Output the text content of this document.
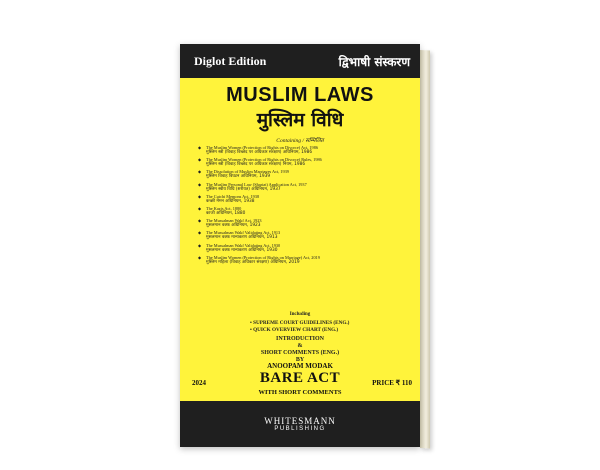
Diglot Edition	द्विभाषी संस्करण
MUSLIM LAWS
मुस्लिम विधि
Containing / सम्मिलित
◆ The Muslim Women (Protection of Rights on Divorce) Act, 1986
मुस्लिम स्त्री (विवाह विच्छेद पर अधिकार संरक्षण) अधिनियम, 1986
◆ The Muslim Women (Protection of Rights on Divorce) Rules, 1986
मुस्लिम स्त्री (विवाह विच्छेद पर अधिकार संरक्षण) नियम, 1986
◆ The Dissolution of Muslim Marriages Act, 1939
मुस्लिम विवाह विघटन अधिनियम, 1939
◆ The Muslim Personal Law (Shariat) Application Act, 1937
मुस्लिम स्वीय विधि (शरीयत) अधिनियम, 1937
◆ The Cutchi Memons Act, 1938
कच्छी मेमन अधिनियम, 1938
◆ The Kazis Act, 1880
काजी अधिनियम, 1880
◆ The Mussalman Wakf Act, 1923
मुसलमान वक्फ अधिनियम, 1923
◆ The Mussalman Wakf Validating Act, 1913
मुसलमान वक्फ मान्यकरण अधिनियम, 1913
◆ The Mussalman Wakf Validating Act, 1930
मुसलमान वक्फ मान्यकरण अधिनियम, 1930
◆ The Muslim Women (Protection of Rights on Marriage) Act, 2019
मुस्लिम महिला (विवाह अधिकार संरक्षण) अधिनियम, 2019
Including
• SUPREME COURT GUIDELINES (ENG.)
• QUICK OVERVIEW CHART (ENG.)
INTRODUCTION
&
SHORT COMMENTS (ENG.)
BY
ANOOPAM MODAK
2024	BARE ACT	PRICE ₹ 110
WITH SHORT COMMENTS
WHITESMANN
PUBLISHING
